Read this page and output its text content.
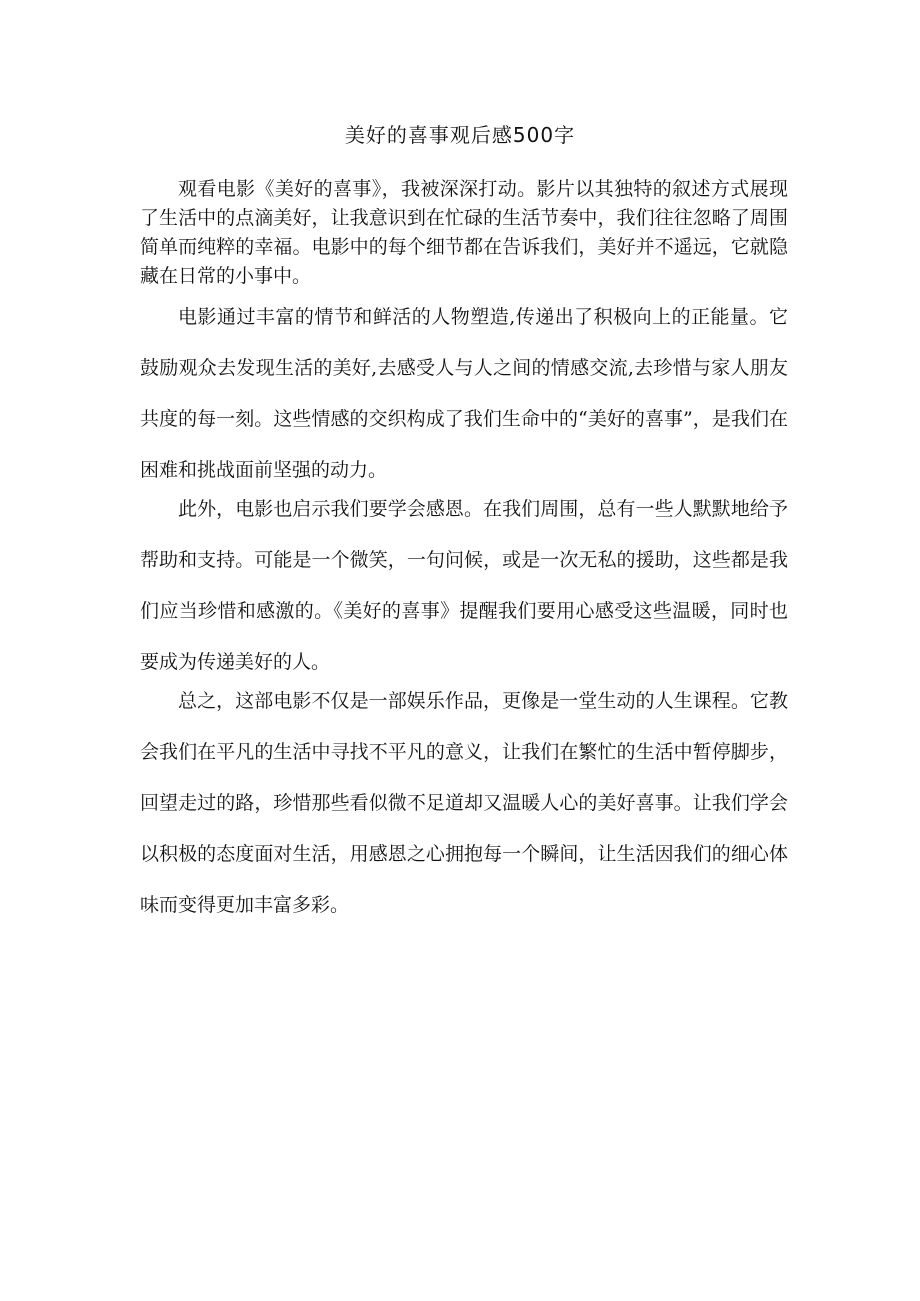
美好的喜事观后感500字

观看电影《美好的喜事》，我被深深打动。影片以其独特的叙述方式展现了生活中的点滴美好，让我意识到在忙碌的生活节奏中，我们往往忽略了周围简单而纯粹的幸福。电影中的每个细节都在告诉我们，美好并不遥远，它就隐藏在日常的小事中。

电影通过丰富的情节和鲜活的人物塑造,传递出了积极向上的正能量。它鼓励观众去发现生活的美好,去感受人与人之间的情感交流,去珍惜与家人朋友共度的每一刻。这些情感的交织构成了我们生命中的“美好的喜事”，是我们在困难和挑战面前坚强的动力。

此外，电影也启示我们要学会感恩。在我们周围，总有一些人默默地给予帮助和支持。可能是一个微笑，一句问候，或是一次无私的援助，这些都是我们应当珍惜和感激的。《美好的喜事》提醒我们要用心感受这些温暖，同时也要成为传递美好的人。

总之，这部电影不仅是一部娱乐作品，更像是一堂生动的人生课程。它教会我们在平凡的生活中寻找不平凡的意义，让我们在繁忙的生活中暂停脚步，回望走过的路，珍惜那些看似微不足道却又温暖人心的美好喜事。让我们学会以积极的态度面对生活，用感恩之心拥抱每一个瞬间，让生活因我们的细心体味而变得更加丰富多彩。
